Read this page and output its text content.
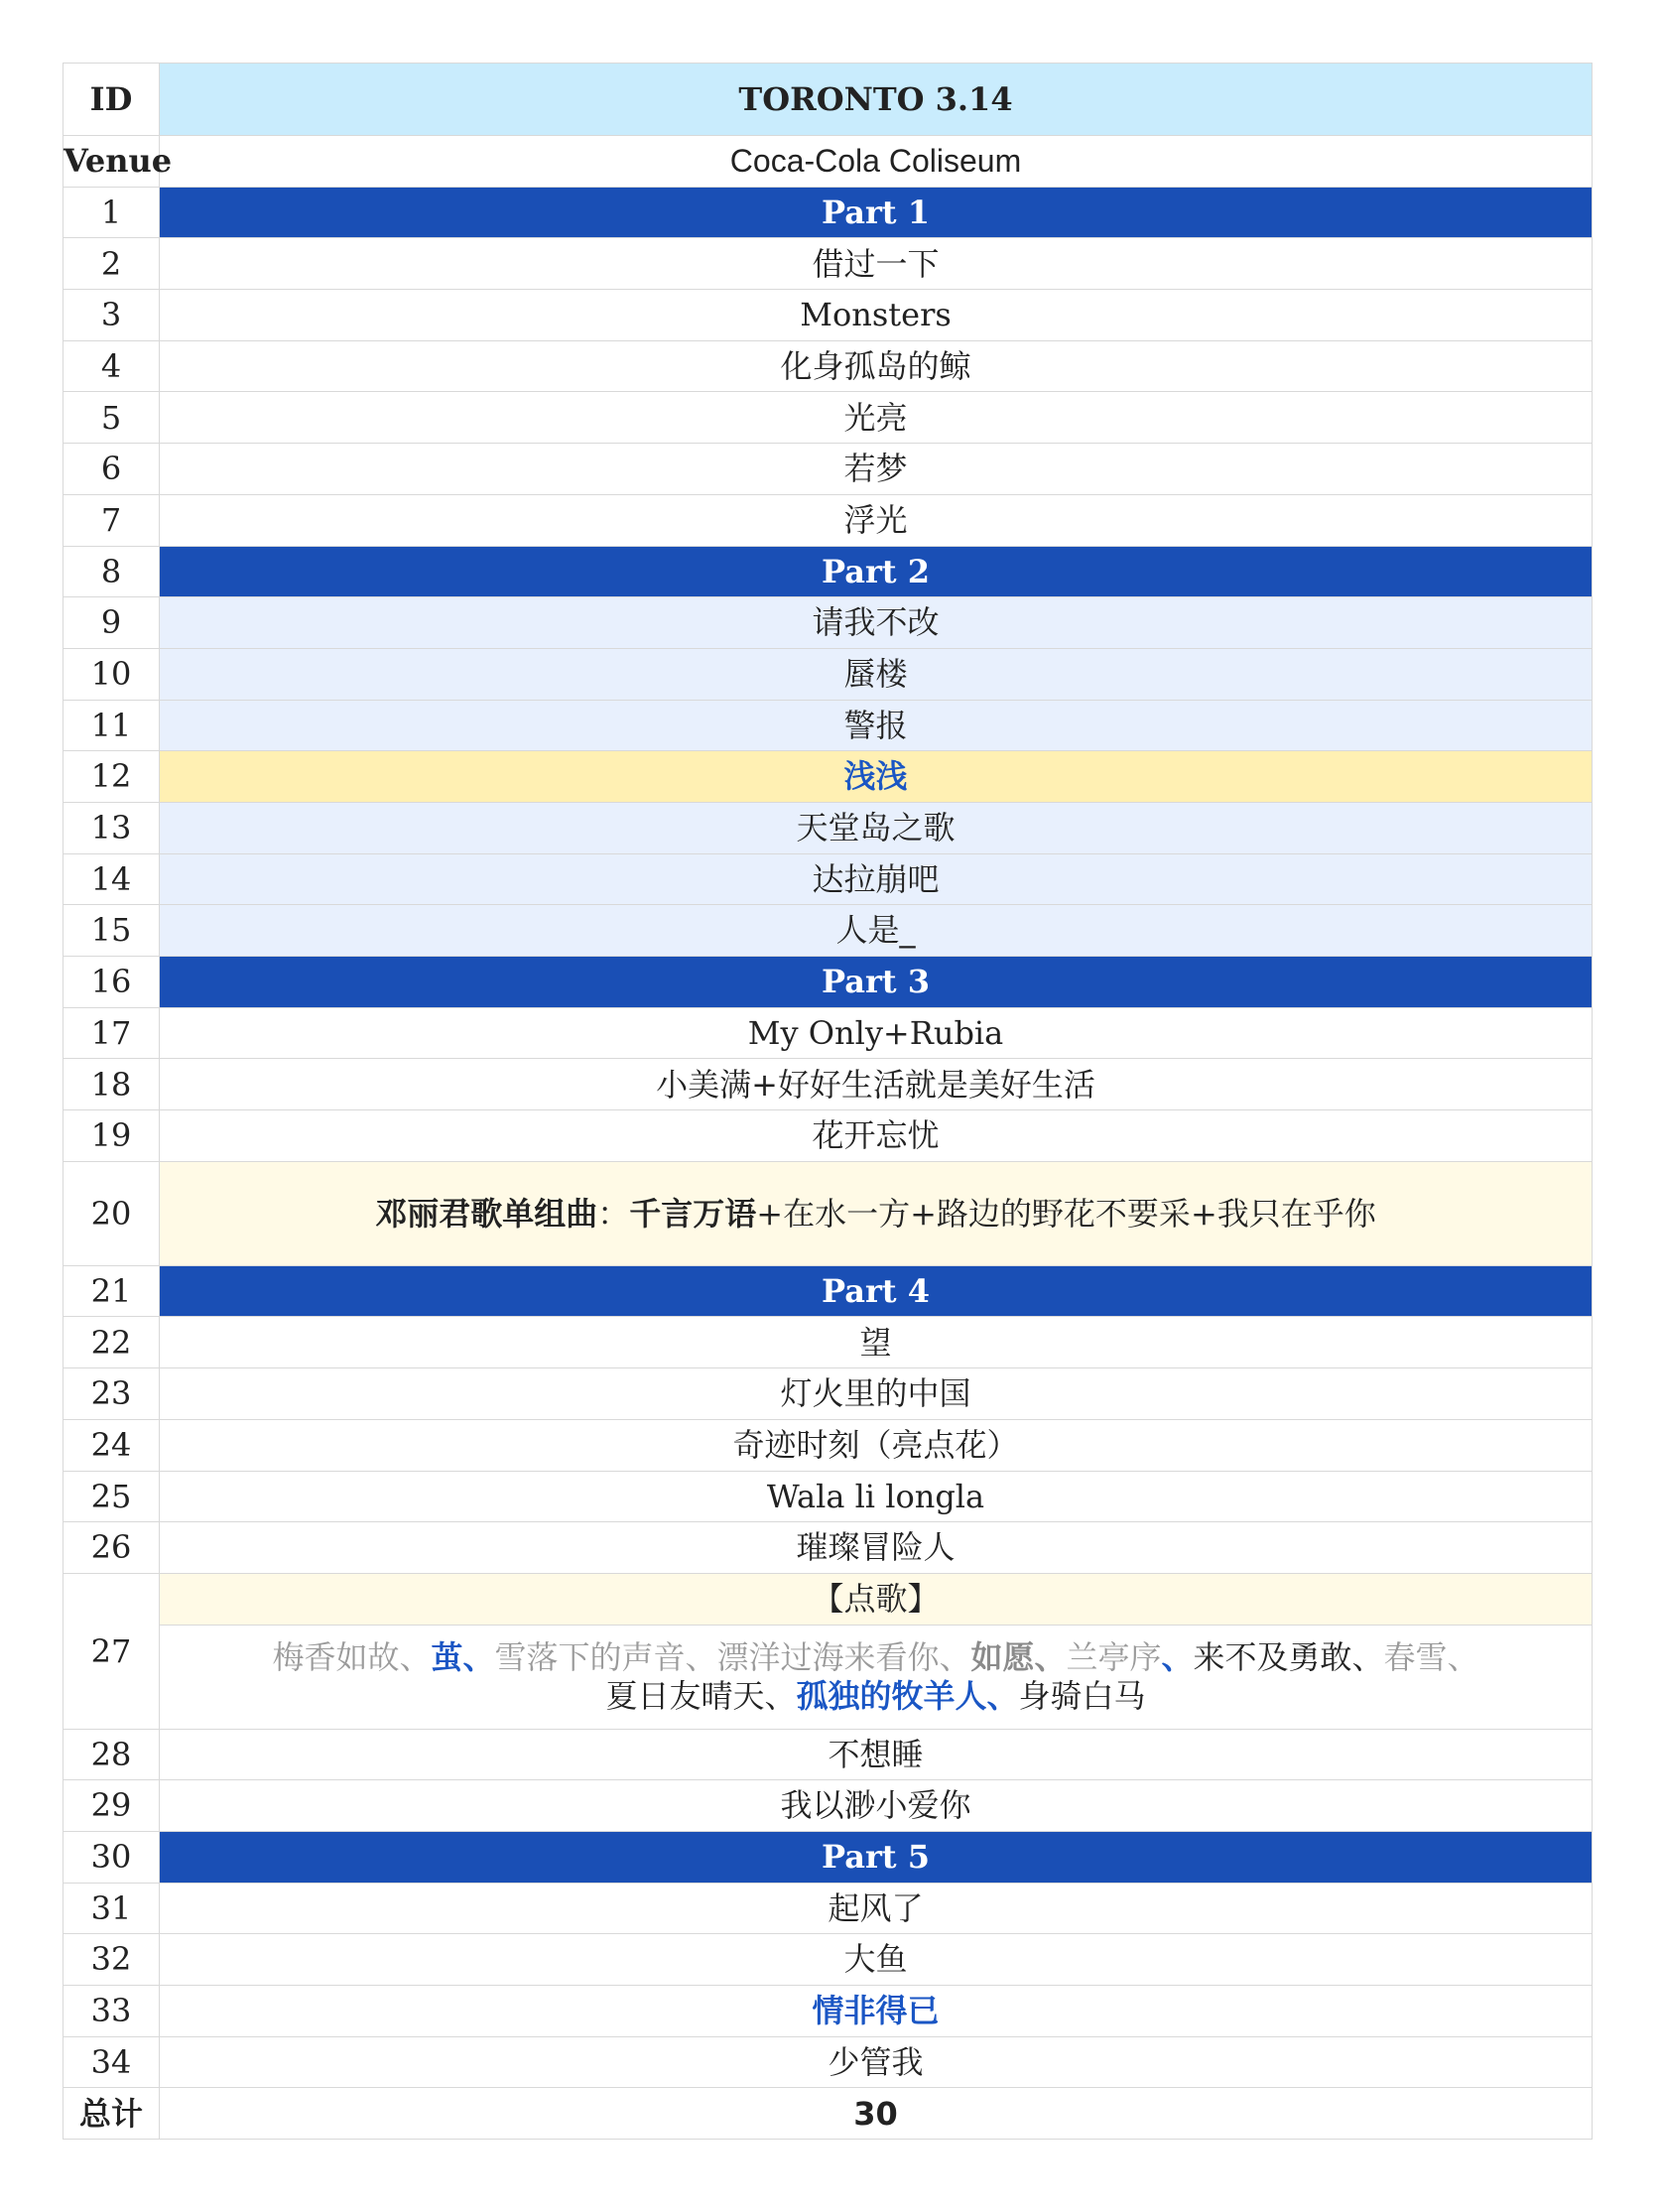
ID	TORONTO 3.14
Venue	Coca-Cola Coliseum
1	Part 1
2	借过一下
3	Monsters
4	化身孤岛的鲸
5	光亮
6	若梦
7	浮光
8	Part 2
9	请我不改
10	蜃楼
11	警报
12	浅浅
13	天堂岛之歌
14	达拉崩吧
15	人是_
16	Part 3
17	My Only+Rubia
18	小美满+好好生活就是美好生活
19	花开忘忧
20	邓丽君歌单组曲：千言万语+在水一方+路边的野花不要采+我只在乎你
21	Part 4
22	望
23	灯火里的中国
24	奇迹时刻（亮点花）
25	Wala li longla
26	璀璨冒险人
27	【点歌】
	梅香如故、茧、雪落下的声音、漂洋过海来看你、如愿、兰亭序、来不及勇敢、春雪、
夏日友晴天、孤独的牧羊人、身骑白马
28	不想睡
29	我以渺小爱你
30	Part 5
31	起风了
32	大鱼
33	情非得已
34	少管我
总计	30
